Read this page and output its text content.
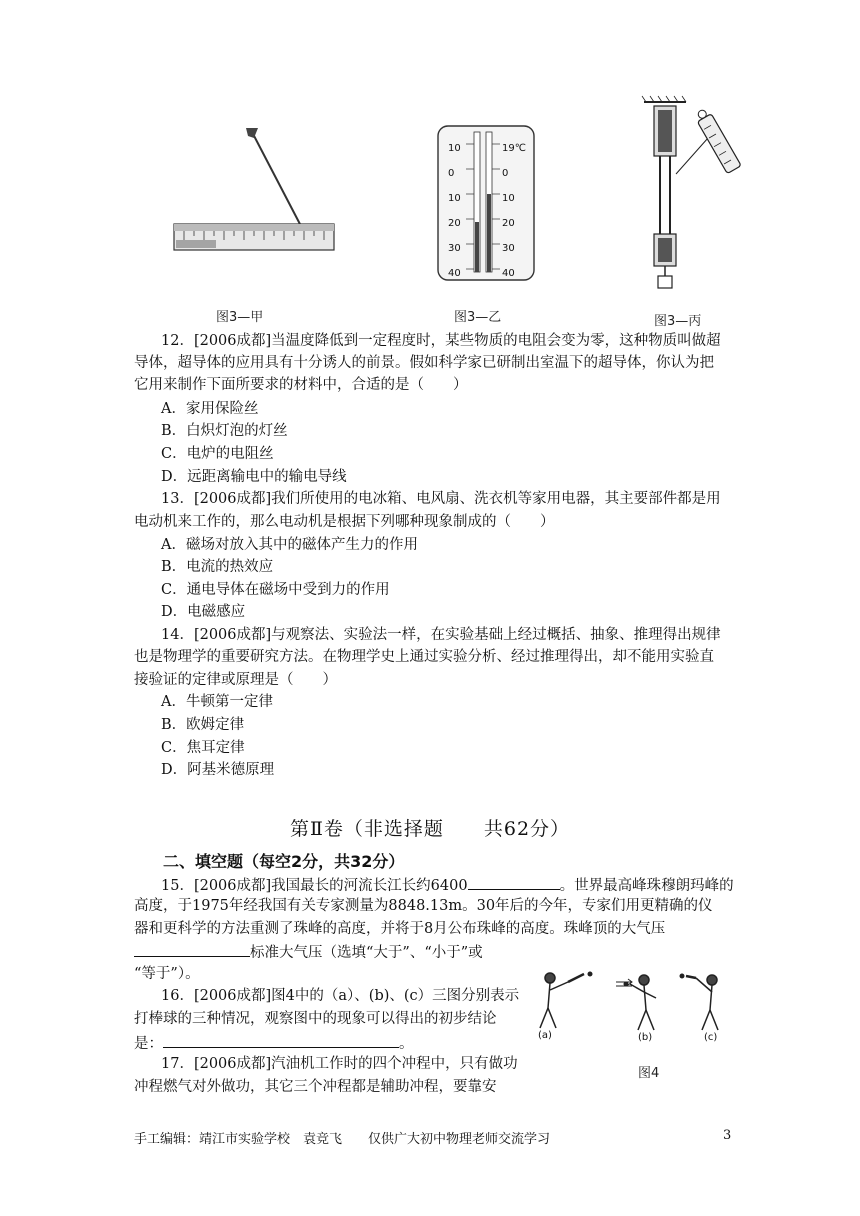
图3—甲
10
0
10
20
30
40
19℃
0
10
20
30
40
图3—乙	图3—丙
12．[2006成都]当温度降低到一定程度时，某些物质的电阻会变为零，这种物质叫做超
导体，超导体的应用具有十分诱人的前景。假如科学家已研制出室温下的超导体，你认为把
它用来制作下面所要求的材料中，合适的是（　　）
A．家用保险丝
B．白炽灯泡的灯丝
C．电炉的电阻丝
D．远距离输电中的输电导线
13．[2006成都]我们所使用的电冰箱、电风扇、洗衣机等家用电器，其主要部件都是用
电动机来工作的，那么电动机是根据下列哪种现象制成的（　　）
A．磁场对放入其中的磁体产生力的作用
B．电流的热效应
C．通电导体在磁场中受到力的作用
D．电磁感应
14．[2006成都]与观察法、实验法一样，在实验基础上经过概括、抽象、推理得出规律
也是物理学的重要研究方法。在物理学史上通过实验分析、经过推理得出，却不能用实验直
接验证的定律或原理是（　　）
A．牛顿第一定律
B．欧姆定律
C．焦耳定律
D．阿基米德原理
第Ⅱ卷（非选择题　　共62分）
二、填空题（每空2分，共32分）
15．[2006成都]我国最长的河流长江长约6400	。世界最高峰珠穆朗玛峰的
高度，于1975年经我国有关专家测量为8848.13m。30年后的今年，专家们用更精确的仪
器和更科学的方法重测了珠峰的高度，并将于8月公布珠峰的高度。珠峰顶的大气压
标准大气压（选填“大于”、“小于”或
“等于”）。
16．[2006成都]图4中的（a）、(b)、(c）三图分别表示
打棒球的三种情况，观察图中的现象可以得出的初步结论
是：	。
17．[2006成都]汽油机工作时的四个冲程中，只有做功
冲程燃气对外做功，其它三个冲程都是辅助冲程，要靠安
(a)	(b)	(c)
图4
手工编辑：靖江市实验学校　袁竞飞　　仅供广大初中物理老师交流学习	3
